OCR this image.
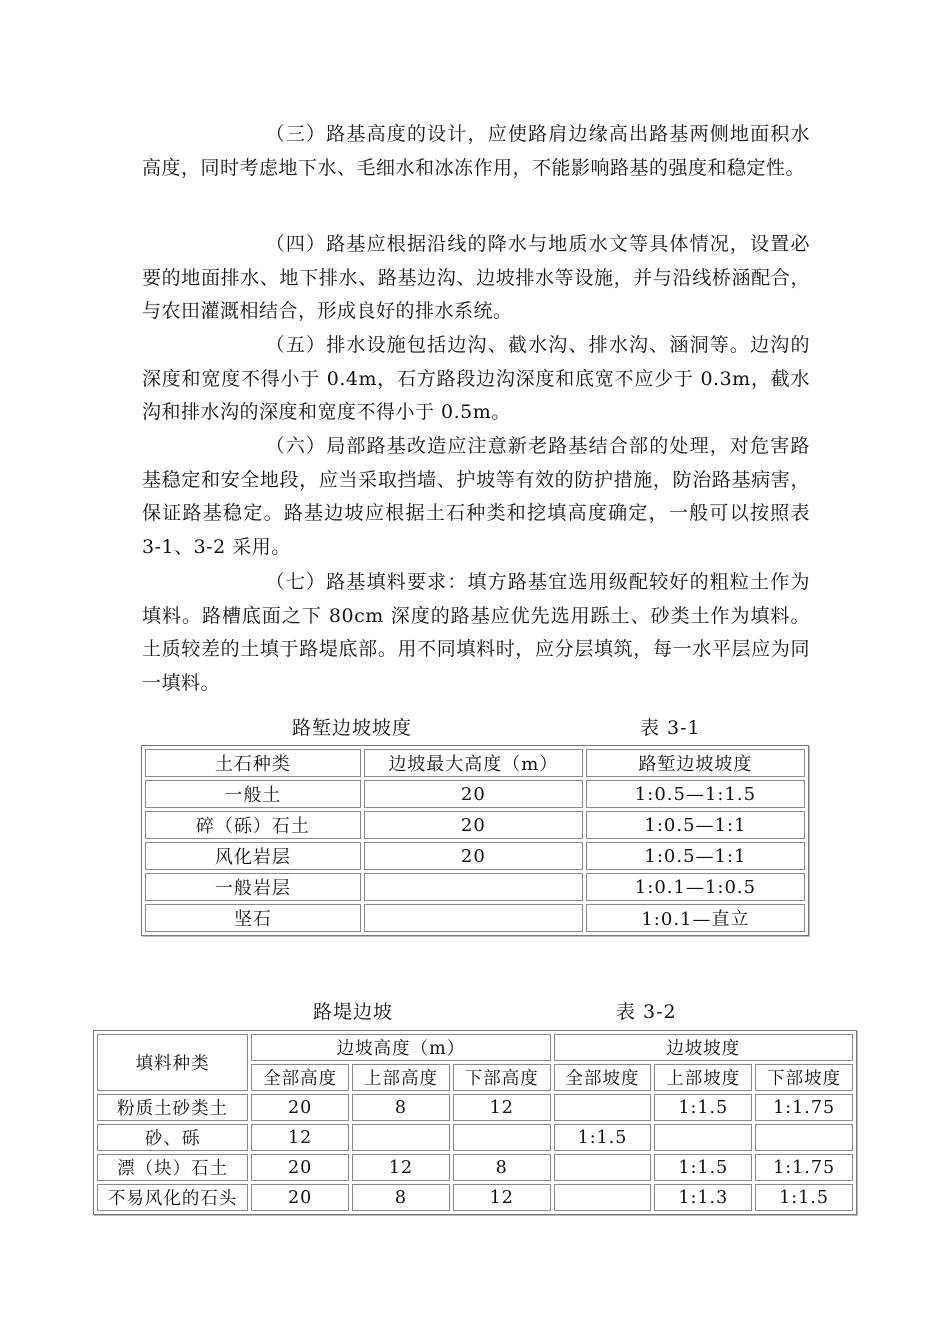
（三）路基高度的设计，应使路肩边缘高出路基两侧地面积水高度，同时考虑地下水、毛细水和冰冻作用，不能影响路基的强度和稳定性。

（四）路基应根据沿线的降水与地质水文等具体情况，设置必要的地面排水、地下排水、路基边沟、边坡排水等设施，并与沿线桥涵配合，与农田灌溉相结合，形成良好的排水系统。

（五）排水设施包括边沟、截水沟、排水沟、涵洞等。边沟的深度和宽度不得小于 0.4m，石方路段边沟深度和底宽不应少于 0.3m，截水沟和排水沟的深度和宽度不得小于 0.5m。

（六）局部路基改造应注意新老路基结合部的处理，对危害路基稳定和安全地段，应当采取挡墙、护坡等有效的防护措施，防治路基病害，保证路基稳定。路基边坡应根据土石种类和挖填高度确定，一般可以按照表 3-1、3-2 采用。

（七）路基填料要求：填方路基宜选用级配较好的粗粒土作为填料。路槽底面之下 80cm 深度的路基应优先选用跞土、砂类土作为填料。土质较差的土填于路堤底部。用不同填料时，应分层填筑，每一水平层应为同一填料。

路堑边坡坡度	表 3-1
土石种类	边坡最大高度（m）	路堑边坡坡度
一般土	20	1:0.5—1:1.5
碎（砾）石土	20	1:0.5—1:1
风化岩层	20	1:0.5—1:1
一般岩层		1:0.1—1:0.5
坚石		1:0.1—直立
路堤边坡	表 3-2
填料种类	边坡高度（m）			边坡坡度		
	全部高度	上部高度	下部高度	全部坡度	上部坡度	下部坡度
粉质土砂类土	20	8	12		1:1.5	1:1.75
砂、砾	12			1:1.5		
漂（块）石土	20	12	8		1:1.5	1:1.75
不易风化的石头	20	8	12		1:1.3	1:1.5
